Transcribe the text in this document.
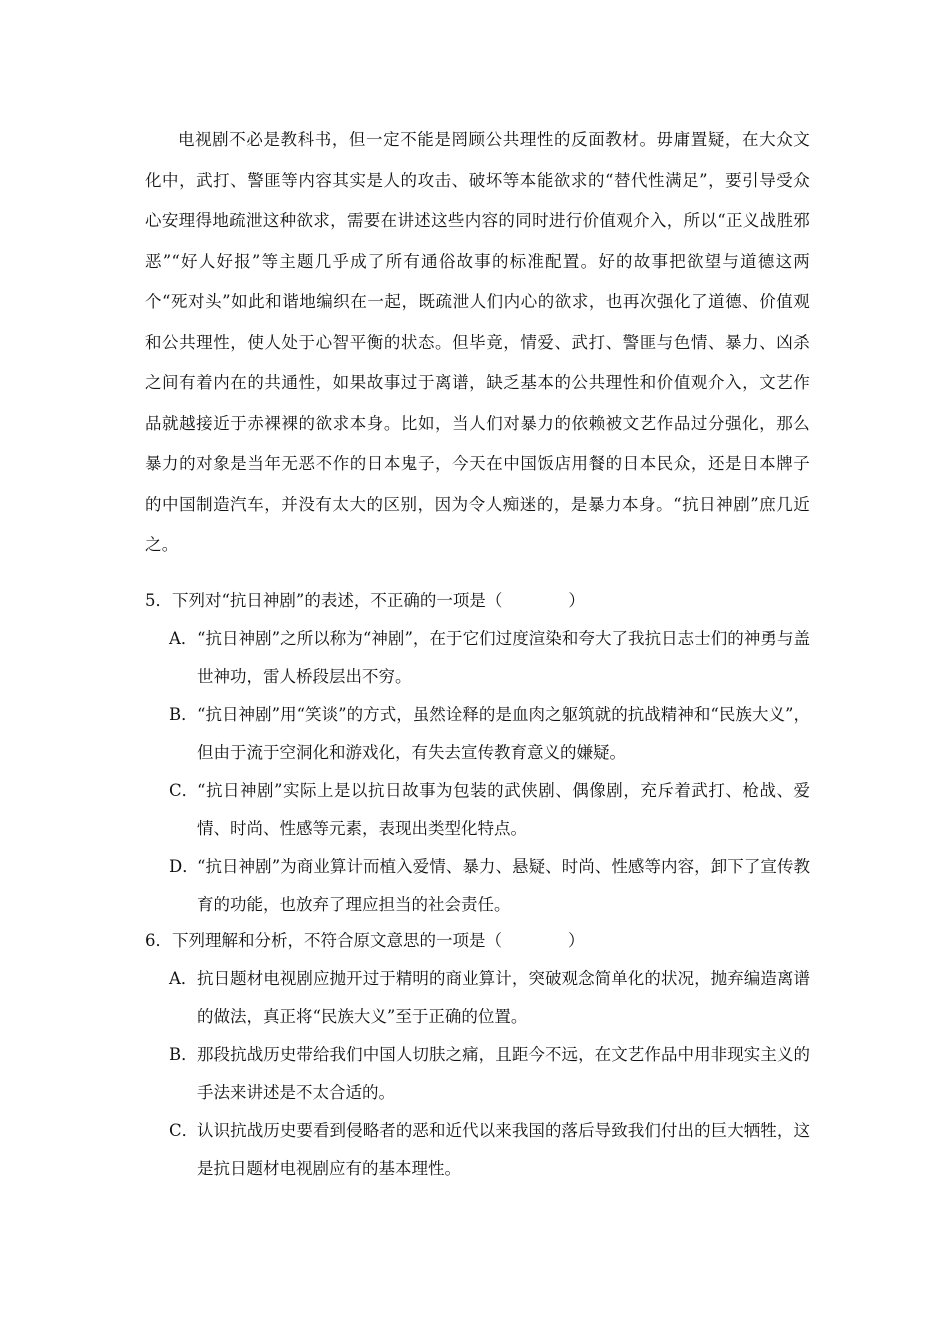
电视剧不必是教科书，但一定不能是罔顾公共理性的反面教材。毋庸置疑，在大众文化中，武打、警匪等内容其实是人的攻击、破坏等本能欲求的“替代性满足”，要引导受众心安理得地疏泄这种欲求，需要在讲述这些内容的同时进行价值观介入，所以“正义战胜邪恶”“好人好报”等主题几乎成了所有通俗故事的标准配置。好的故事把欲望与道德这两个“死对头”如此和谐地编织在一起，既疏泄人们内心的欲求，也再次强化了道德、价值观和公共理性，使人处于心智平衡的状态。但毕竟，情爱、武打、警匪与色情、暴力、凶杀之间有着内在的共通性，如果故事过于离谱，缺乏基本的公共理性和价值观介入，文艺作品就越接近于赤裸裸的欲求本身。比如，当人们对暴力的依赖被文艺作品过分强化，那么暴力的对象是当年无恶不作的日本鬼子，今天在中国饭店用餐的日本民众，还是日本牌子的中国制造汽车，并没有太大的区别，因为令人痴迷的，是暴力本身。“抗日神剧”庶几近之。

5．下列对“抗日神剧”的表述，不正确的一项是（　　　　）
A． “抗日神剧”之所以称为“神剧”，在于它们过度渲染和夸大了我抗日志士们的神勇与盖世神功，雷人桥段层出不穷。
B． “抗日神剧”用“笑谈”的方式，虽然诠释的是血肉之躯筑就的抗战精神和“民族大义”，但由于流于空洞化和游戏化，有失去宣传教育意义的嫌疑。
C．
“抗日神剧”实际上是以抗日故事为包装的武侠剧、偶像剧，充斥着武打、枪战、爱情、时尚、性感等元素，表现出类型化特点。
D．
“抗日神剧”为商业算计而植入爱情、暴力、悬疑、时尚、性感等内容，卸下了宣传教育的功能，也放弃了理应担当的社会责任。
6．下列理解和分析，不符合原文意思的一项是（　　　　）
A． 抗日题材电视剧应抛开过于精明的商业算计，突破观念简单化的状况，抛弃编造离谱的做法，真正将“民族大义”至于正确的位置。
B． 那段抗战历史带给我们中国人切肤之痛，且距今不远，在文艺作品中用非现实主义的手法来讲述是不太合适的。
C．
认识抗战历史要看到侵略者的恶和近代以来我国的落后导致我们付出的巨大牺牲，这是抗日题材电视剧应有的基本理性。
